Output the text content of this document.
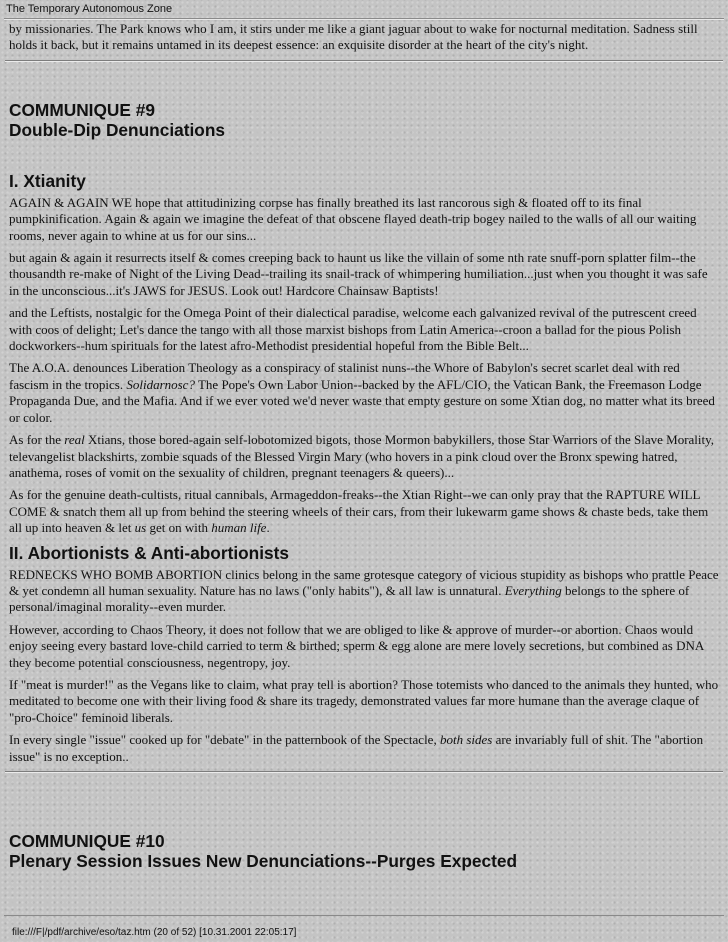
The Temporary Autonomous Zone

by missionaries. The Park knows who I am, it stirs under me like a giant jaguar about to wake for nocturnal meditation. Sadness still holds it back, but it remains untamed in its deepest essence: an exquisite disorder at the heart of the city's night.

COMMUNIQUE #9
Double-Dip Denunciations
I. Xtianity

AGAIN & AGAIN WE hope that attitudinizing corpse has finally breathed its last rancorous sigh & floated off to its final pumpkinification. Again & again we imagine the defeat of that obscene flayed death-trip bogey nailed to the walls of all our waiting rooms, never again to whine at us for our sins...

but again & again it resurrects itself & comes creeping back to haunt us like the villain of some nth rate snuff-porn splatter film--the thousandth re-make of Night of the Living Dead--trailing its snail-track of whimpering humiliation...just when you thought it was safe in the unconscious...it's JAWS for JESUS. Look out! Hardcore Chainsaw Baptists!

and the Leftists, nostalgic for the Omega Point of their dialectical paradise, welcome each galvanized revival of the putrescent creed with coos of delight; Let's dance the tango with all those marxist bishops from Latin America--croon a ballad for the pious Polish dockworkers--hum spirituals for the latest afro-Methodist presidential hopeful from the Bible Belt...

The A.O.A. denounces Liberation Theology as a conspiracy of stalinist nuns--the Whore of Babylon's secret scarlet deal with red fascism in the tropics. Solidarnosc? The Pope's Own Labor Union--backed by the AFL/CIO, the Vatican Bank, the Freemason Lodge Propaganda Due, and the Mafia. And if we ever voted we'd never waste that empty gesture on some Xtian dog, no matter what its breed or color.

As for the real Xtians, those bored-again self-lobotomized bigots, those Mormon babykillers, those Star Warriors of the Slave Morality, televangelist blackshirts, zombie squads of the Blessed Virgin Mary (who hovers in a pink cloud over the Bronx spewing hatred, anathema, roses of vomit on the sexuality of children, pregnant teenagers & queers)...

As for the genuine death-cultists, ritual cannibals, Armageddon-freaks--the Xtian Right--we can only pray that the RAPTURE WILL COME & snatch them all up from behind the steering wheels of their cars, from their lukewarm game shows & chaste beds, take them all up into heaven & let us get on with human life.

II. Abortionists & Anti-abortionists

REDNECKS WHO BOMB ABORTION clinics belong in the same grotesque category of vicious stupidity as bishops who prattle Peace & yet condemn all human sexuality. Nature has no laws ("only habits"), & all law is unnatural. Everything belongs to the sphere of personal/imaginal morality--even murder.

However, according to Chaos Theory, it does not follow that we are obliged to like & approve of murder--or abortion. Chaos would enjoy seeing every bastard love-child carried to term & birthed; sperm & egg alone are mere lovely secretions, but combined as DNA they become potential consciousness, negentropy, joy.

If "meat is murder!" as the Vegans like to claim, what pray tell is abortion? Those totemists who danced to the animals they hunted, who meditated to become one with their living food & share its tragedy, demonstrated values far more humane than the average claque of "pro-Choice" feminoid liberals.

In every single "issue" cooked up for "debate" in the patternbook of the Spectacle, both sides are invariably full of shit. The "abortion issue" is no exception..

COMMUNIQUE #10
Plenary Session Issues New Denunciations--Purges Expected
file:///F|/pdf/archive/eso/taz.htm (20 of 52) [10.31.2001 22:05:17]
